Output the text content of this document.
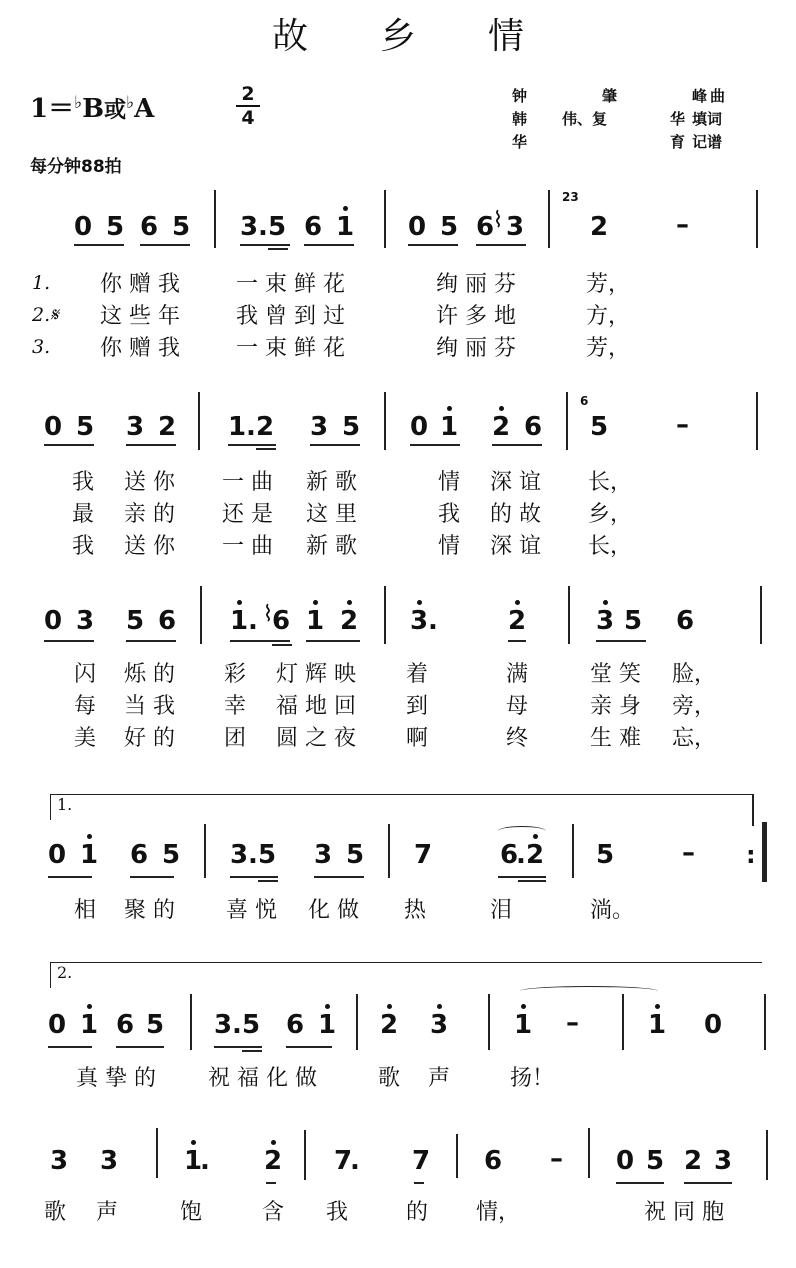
故乡情
1＝♭B或♭A	2
4
每分钟88拍
钟	肇	峰 曲
韩 伟、复	华 填词
华	育 记谱
0 5 6 5 3 . 5 6 1 0 5 6 3
⌇
23
2	–
1. 你 赠 我	一 束 鲜 花	绚 丽 芬	芳，
2.𝄋 这 些 年	我 曾 到 过	许 多 地	方，
3. 你 赠 我	一 束 鲜 花	绚 丽 芬	芳，
0 5 3 2 1 . 2 3 5 0 1 2 6
6
5	–
我 送 你 一 曲 新 歌	情 深 谊 长，
最 亲 的 还 是 这 里	我 的 故 乡，
我 送 你 一 曲 新 歌	情 深 谊 长，
0 3 5 6 1 . ⌇
6 1 2 3 .	2	3 5 6
闪 烁 的 彩 灯 辉 映 着	满	堂 笑 脸，
每 当 我 幸 福 地 回 到	母	亲 身 旁，
美 好 的 团 圆 之 夜 啊	终	生 难 忘，
1.
:
0 1 6 5 3 . 5 3 5 7	6
. 2 5	–
相 聚 的 喜 悦 化 做 热	泪	淌。
2.
0 1 6 5 3 . 5 6 1 2 3	1 –	1 0
真 挚 的 祝 福 化 做	歌 声	扬！
3 3	1
. 2 7
. 7 6 – 0 5 2 3
歌 声	饱	含 我	的 情，	祝 同 胞
